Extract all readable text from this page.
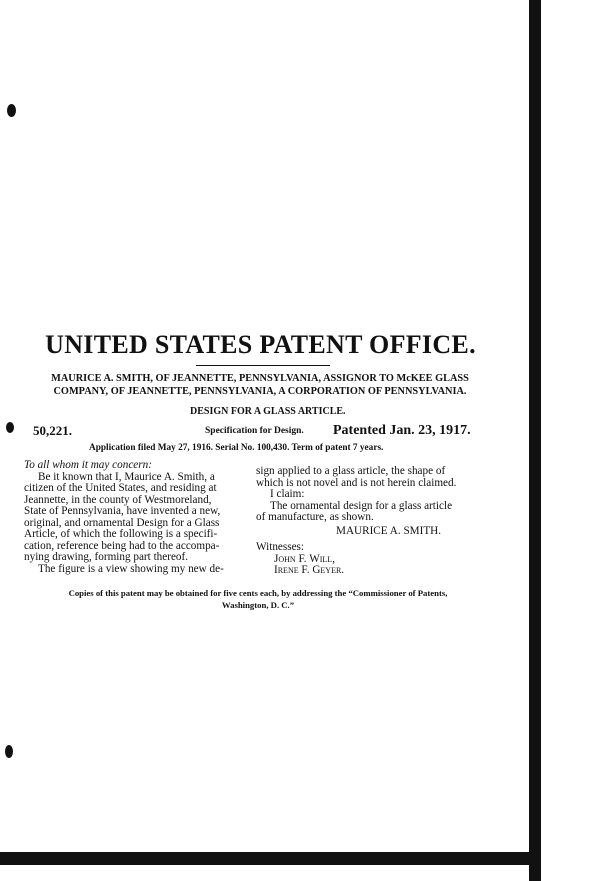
UNITED STATES PATENT OFFICE.
MAURICE A. SMITH, OF JEANNETTE, PENNSYLVANIA, ASSIGNOR TO McKEE GLASS
COMPANY, OF JEANNETTE, PENNSYLVANIA, A CORPORATION OF PENNSYLVANIA.
DESIGN FOR A GLASS ARTICLE.
50,221.	Specification for Design. Patented Jan. 23, 1917.
Application filed May 27, 1916. Serial No. 100,430. Term of patent 7 years.
To all whom it may concern:
Be it known that I, Maurice A. Smith, a
citizen of the United States, and residing at
Jeannette, in the county of Westmoreland,
State of Pennsylvania, have invented a new,
original, and ornamental Design for a Glass
Article, of which the following is a specifi-
cation, reference being had to the accompa-
nying drawing, forming part thereof.
The figure is a view showing my new de-
sign applied to a glass article, the shape of
which is not novel and is not herein claimed.
I claim:
The ornamental design for a glass article
of manufacture, as shown.
MAURICE A. SMITH.
Witnesses:
John F. Will,
Irene F. Geyer.
Copies of this patent may be obtained for five cents each, by addressing the “Commissioner of Patents,
Washington, D. C.”
